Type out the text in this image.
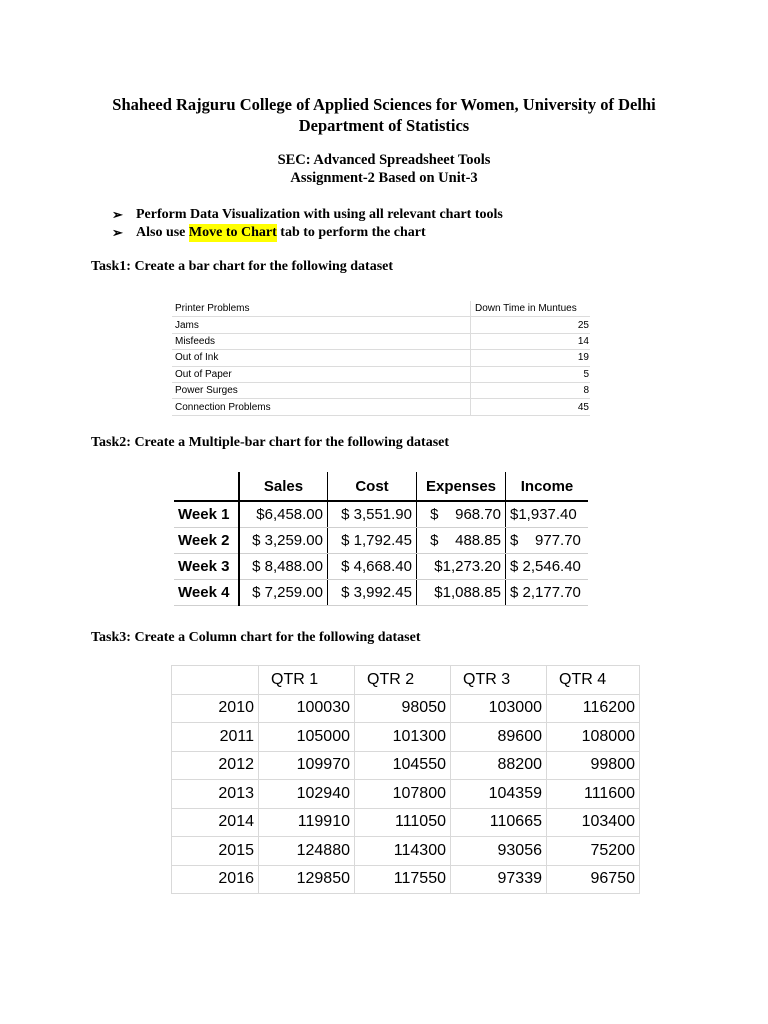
Shaheed Rajguru College of Applied Sciences for Women, University of Delhi
Department of Statistics
SEC: Advanced Spreadsheet Tools
Assignment-2 Based on Unit-3
➢ Perform Data Visualization with using all relevant chart tools
➢ Also use Move to Chart tab to perform the chart
Task1: Create a bar chart for the following dataset
Printer Problems	Down Time in Muntues
Jams	25
Misfeeds	14
Out of Ink	19
Out of Paper	5
Power Surges	8
Connection Problems	45
Task2: Create a Multiple-bar chart for the following dataset
	Sales	Cost	Expenses	Income
Week 1	$6,458.00	$ 3,551.90	$    968.70	$1,937.40
Week 2	$ 3,259.00	$ 1,792.45	$    488.85	$    977.70
Week 3	$ 8,488.00	$ 4,668.40	$1,273.20	$ 2,546.40
Week 4	$ 7,259.00	$ 3,992.45	$1,088.85	$ 2,177.70
Task3: Create a Column chart for the following dataset
	QTR 1	QTR 2	QTR 3	QTR 4
2010	100030	98050	103000	116200
2011	105000	101300	89600	108000
2012	109970	104550	88200	99800
2013	102940	107800	104359	111600
2014	119910	111050	110665	103400
2015	124880	114300	93056	75200
2016	129850	117550	97339	96750
